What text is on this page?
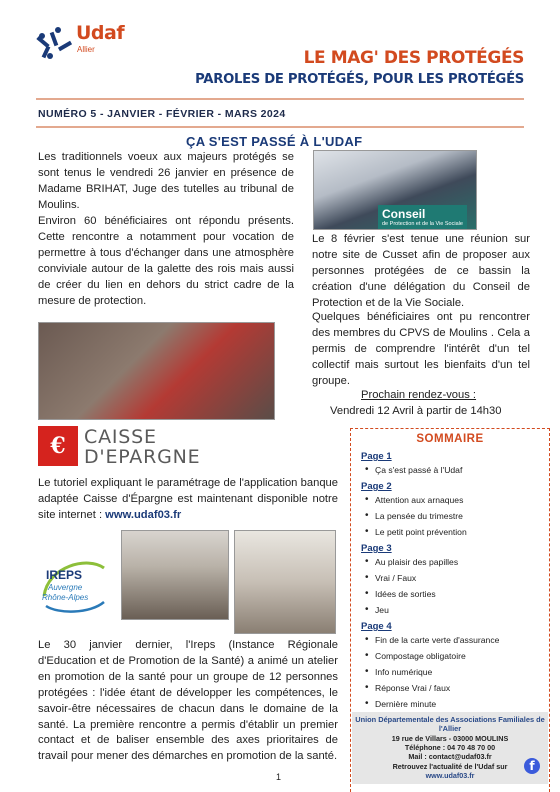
Udaf
Allier	LE MAG' DES PROTÉGÉS
PAROLES DE PROTÉGÉS, POUR LES PROTÉGÉS
NUMÉRO 5 - JANVIER - FÉVRIER - MARS 2024
ÇA S'EST PASSÉ À L'UDAF
Les traditionnels voeux aux majeurs protégés se sont tenus le vendredi 26 janvier en présence de Madame BRIHAT, Juge des tutelles au tribunal de Moulins.
Environ 60 bénéficiaires ont répondu présents. Cette rencontre a notamment pour vocation de permettre à tous d'échanger dans une atmosphère conviviale autour de la galette des rois mais aussi de créer du lien en dehors du strict cadre de la mesure de protection.
Conseil
de Protection et de la Vie Sociale
Le 8 février s'est tenue une réunion sur notre site de Cusset afin de proposer aux personnes protégées de ce bassin la création d'une délégation du Conseil de Protection et de la Vie Sociale.
Quelques bénéficiaires ont pu rencontrer des membres du CPVS de Moulins . Cela a permis de comprendre l'intérêt d'un tel collectif mais surtout les bienfaits d'un tel groupe.
Prochain rendez-vous :
Vendredi 12 Avril à partir de 14h30
€ CAISSE
D'EPARGNE
Le tutoriel expliquant le paramétrage de l'application banque adaptée Caisse d'Épargne est maintenant disponible notre site internet : www.udaf03.fr
IREPS
Auvergne
Rhône-Alpes
Le 30 janvier dernier, l'Ireps (Instance Régionale d'Education et de Promotion de la Santé) a animé un atelier en promotion de la santé pour un groupe de 12 personnes protégées : l'idée étant de développer les compétences, le savoir-être nécessaires de chacun dans le domaine de la santé. La première rencontre a permis d'établir un premier contact et de baliser ensemble des axes prioritaires de travail pour mener des démarches en promotion de la santé.
SOMMAIRE
Page 1
• Ça s'est passé à l'Udaf
Page 2
• Attention aux arnaques
• La pensée du trimestre
• Le petit point prévention
Page 3
• Au plaisir des papilles
• Vrai / Faux
• Idées de sorties
• Jeu
Page 4
• Fin de la carte verte d'assurance
• Compostage obligatoire
• Info numérique
• Réponse Vrai / faux
• Dernière minute
Union Départementale des Associations Familiales de l'Allier
19 rue de Villars - 03000 MOULINS
Téléphone : 04 70 48 70 00
Mail : contact@udaf03.fr
Retrouvez l'actualité de l'Udaf sur
www.udaf03.fr
f
1
